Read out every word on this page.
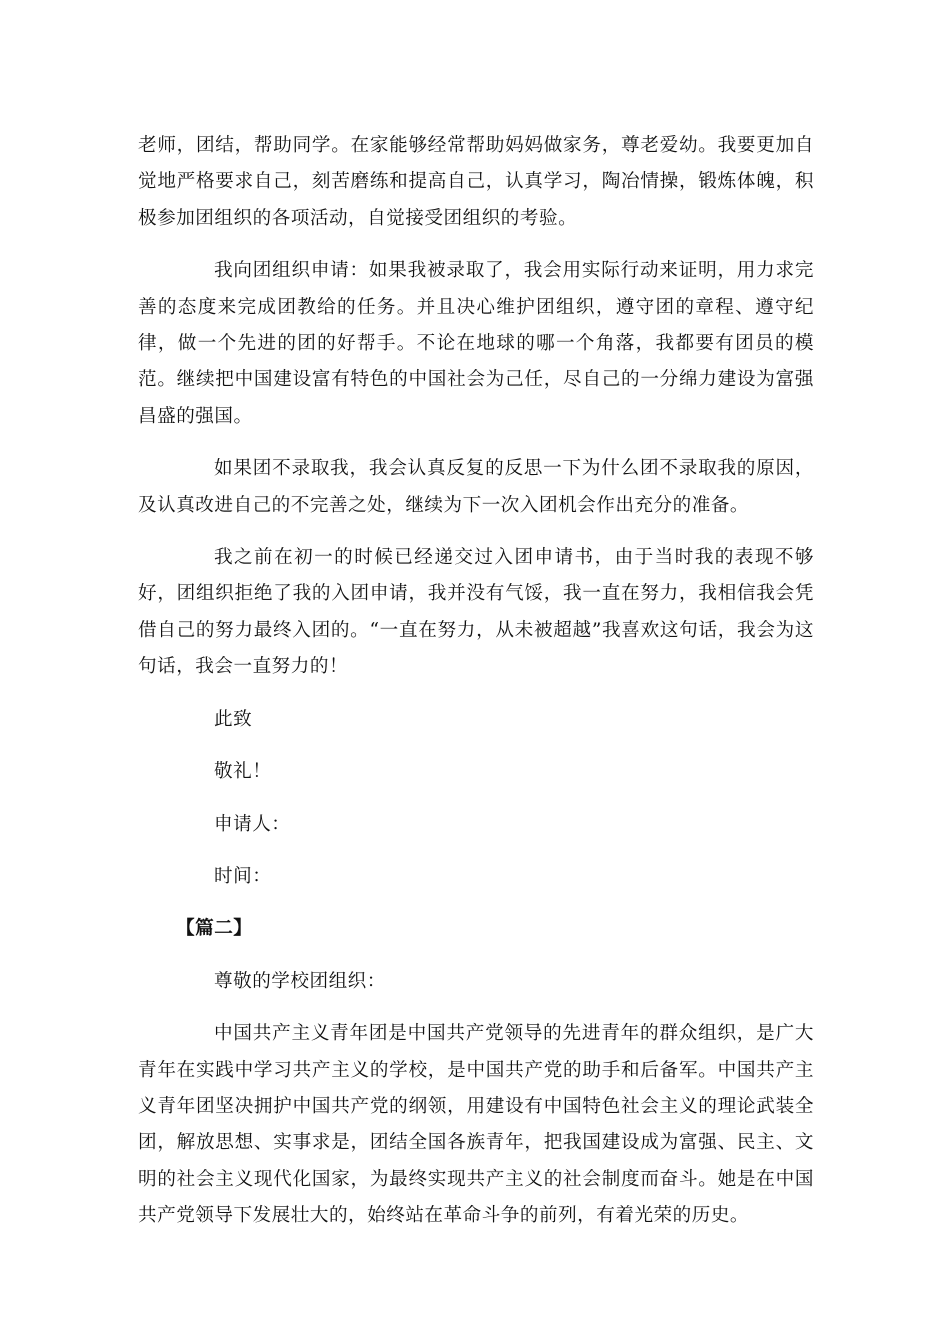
老师，团结，帮助同学。在家能够经常帮助妈妈做家务，尊老爱幼。我要更加自觉地严格要求自己，刻苦磨练和提高自己，认真学习，陶冶情操，锻炼体魄，积极参加团组织的各项活动，自觉接受团组织的考验。

我向团组织申请：如果我被录取了，我会用实际行动来证明，用力求完善的态度来完成团教给的任务。并且决心维护团组织，遵守团的章程、遵守纪律，做一个先进的团的好帮手。不论在地球的哪一个角落，我都要有团员的模范。继续把中国建设富有特色的中国社会为己任，尽自己的一分绵力建设为富强昌盛的强国。

如果团不录取我，我会认真反复的反思一下为什么团不录取我的原因，及认真改进自己的不完善之处，继续为下一次入团机会作出充分的准备。

我之前在初一的时候已经递交过入团申请书，由于当时我的表现不够好，团组织拒绝了我的入团申请，我并没有气馁，我一直在努力，我相信我会凭借自己的努力最终入团的。“一直在努力，从未被超越”我喜欢这句话，我会为这句话，我会一直努力的！

此致

敬礼！

申请人：

时间：

【篇二】

尊敬的学校团组织：

中国共产主义青年团是中国共产党领导的先进青年的群众组织，是广大青年在实践中学习共产主义的学校，是中国共产党的助手和后备军。中国共产主义青年团坚决拥护中国共产党的纲领，用建设有中国特色社会主义的理论武装全团，解放思想、实事求是，团结全国各族青年，把我国建设成为富强、民主、文明的社会主义现代化国家，为最终实现共产主义的社会制度而奋斗。她是在中国共产党领导下发展壮大的，始终站在革命斗争的前列，有着光荣的历史。
